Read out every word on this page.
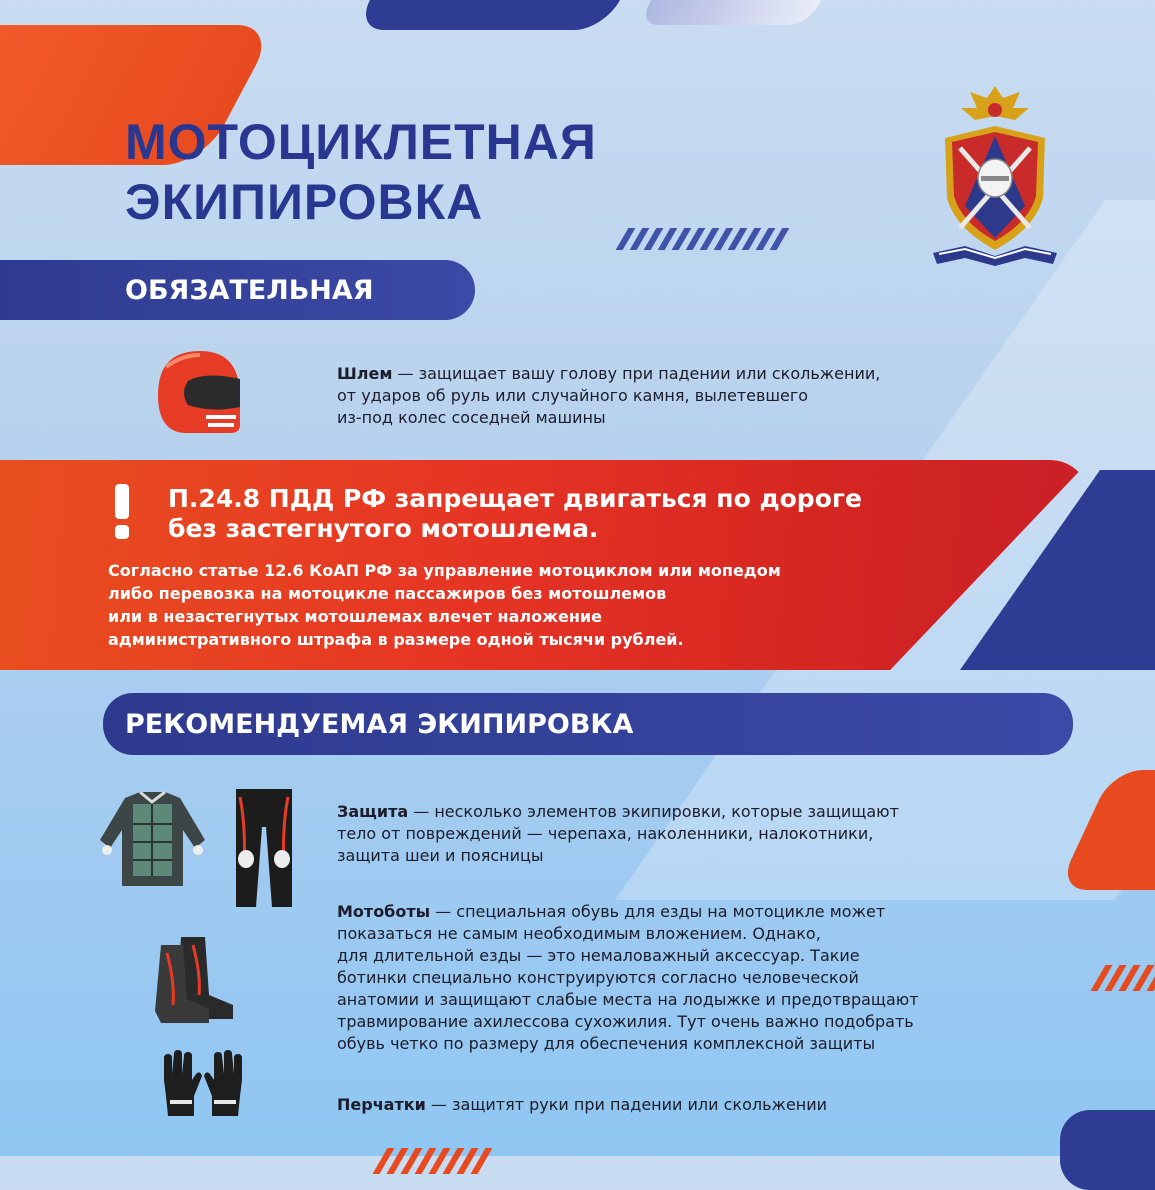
МОТОЦИКЛЕТНАЯ
ЭКИПИРОВКА
ОБЯЗАТЕЛЬНАЯ
Шлем — защищает вашу голову при падении или скольжении,
от ударов об руль или случайного камня, вылетевшего
из-под колес соседней машины
П.24.8 ПДД РФ запрещает двигаться по дороге
без застегнутого мотошлема.
Согласно статье 12.6 КоАП РФ за управление мотоциклом или мопедом
либо перевозка на мотоцикле пассажиров без мотошлемов
или в незастегнутых мотошлемах влечет наложение
административного штрафа в размере одной тысячи рублей.
РЕКОМЕНДУЕМАЯ ЭКИПИРОВКА
Защита — несколько элементов экипировки, которые защищают
тело от повреждений — черепаха, наколенники, налокотники,
защита шеи и поясницы
Мотоботы — специальная обувь для езды на мотоцикле может
показаться не самым необходимым вложением. Однако,
для длительной езды — это немаловажный аксессуар. Такие
ботинки специально конструируются согласно человеческой
анатомии и защищают слабые места на лодыжке и предотвращают
травмирование ахилессова сухожилия. Тут очень важно подобрать
обувь четко по размеру для обеспечения комплексной защиты
Перчатки — защитят руки при падении или скольжении
